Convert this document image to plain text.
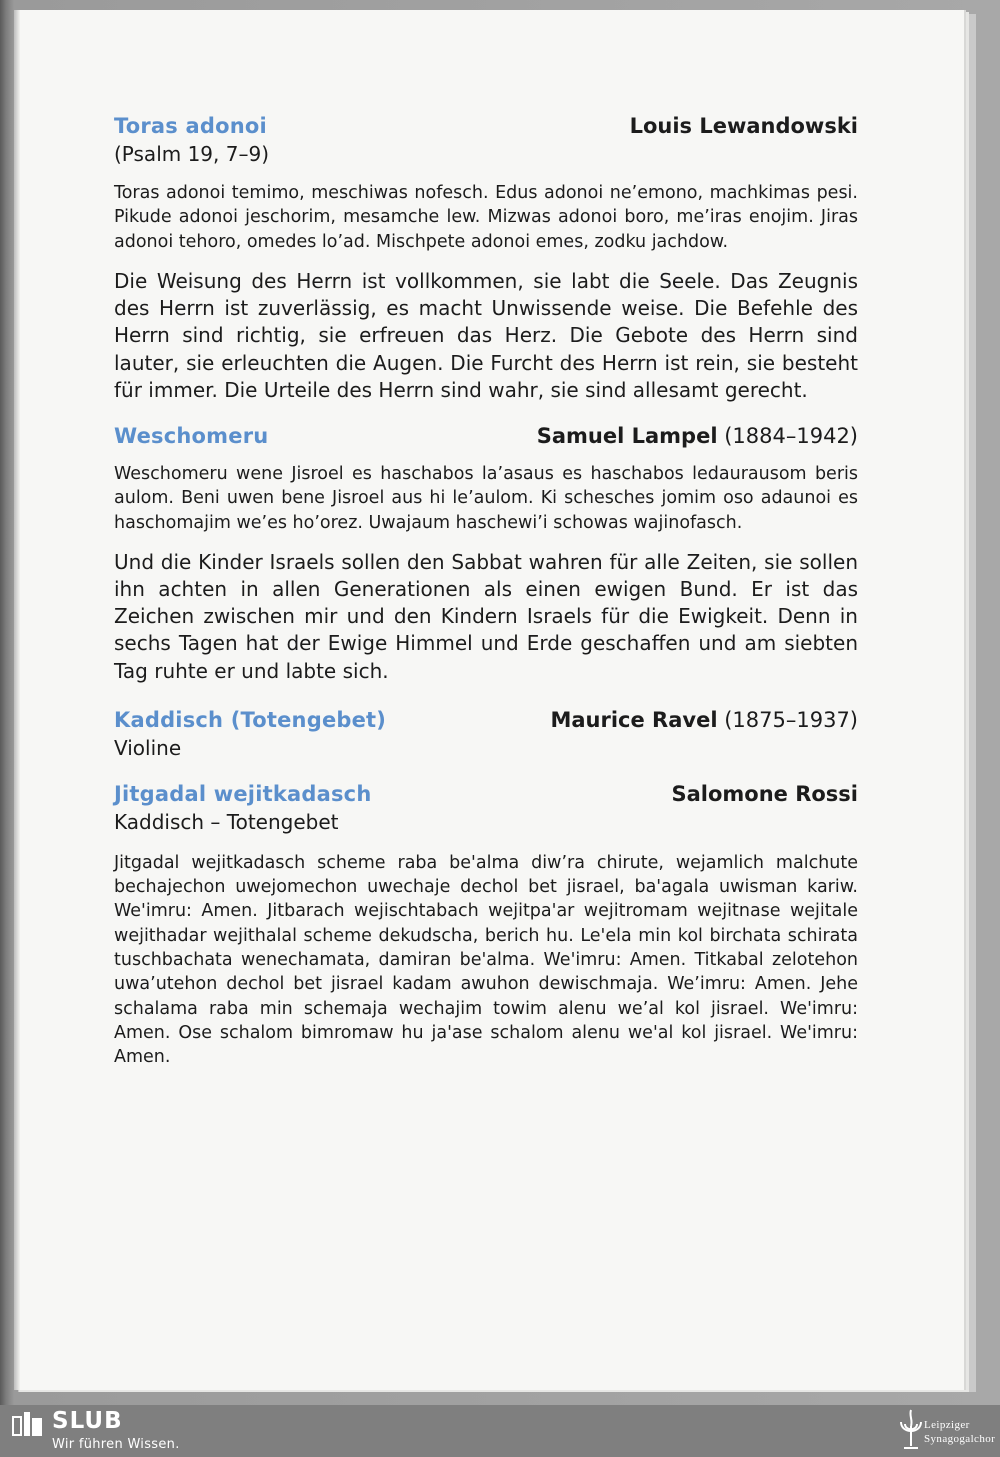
Toras adonoi	Louis Lewandowski
(Psalm 19, 7–9)
Toras adonoi temimo, meschiwas nofesch. Edus adonoi ne’emono, machkimas pesi. Pikude adonoi jeschorim, mesamche lew. Mizwas adonoi boro, me’iras enojim. Jiras adonoi tehoro, omedes lo’ad. Mischpete adonoi emes, zodku jachdow.
Die Weisung des Herrn ist vollkommen, sie labt die Seele. Das Zeugnis des Herrn ist zuverlässig, es macht Unwissende weise. Die Befehle des Herrn sind richtig, sie erfreuen das Herz. Die Gebote des Herrn sind lauter, sie erleuchten die Augen. Die Furcht des Herrn ist rein, sie besteht für immer. Die Urteile des Herrn sind wahr, sie sind allesamt gerecht.
Weschomeru	Samuel Lampel (1884–1942)
Weschomeru wene Jisroel es haschabos la’asaus es haschabos ledaurausom beris aulom. Beni uwen bene Jisroel aus hi le’aulom. Ki schesches jomim oso adaunoi es haschomajim we’es ho’orez. Uwajaum haschewi’i schowas wajinofasch.
Und die Kinder Israels sollen den Sabbat wahren für alle Zeiten, sie sollen ihn achten in allen Generationen als einen ewigen Bund. Er ist das Zeichen zwischen mir und den Kindern Israels für die Ewigkeit. Denn in sechs Tagen hat der Ewige Himmel und Erde geschaffen und am siebten Tag ruhte er und labte sich.
Kaddisch (Totengebet)	Maurice Ravel (1875–1937)
Violine
Jitgadal wejitkadasch	Salomone Rossi
Kaddisch – Totengebet
Jitgadal wejitkadasch scheme raba be'alma diw’ra chirute, wejamlich malchute bechajechon uwejomechon uwechaje dechol bet jisrael, ba'agala uwisman kariw. We'imru: Amen. Jitbarach wejischtabach wejitpa'ar wejitromam wejitnase wejitale wejithadar wejithalal scheme dekudscha, berich hu. Le'ela min kol birchata schirata tuschbachata wenechamata, damiran be'alma. We'imru: Amen. Titkabal zelotehon uwa’utehon dechol bet jisrael kadam awuhon dewischmaja. We’imru: Amen. Jehe schalama raba min schemaja wechajim towim alenu we’al kol jisrael. We'imru: Amen. Ose schalom bimromaw hu ja'ase schalom alenu we'al kol jisrael. We'imru: Amen.
SLUB
Wir führen Wissen.
Leipziger
Synagogalchor
